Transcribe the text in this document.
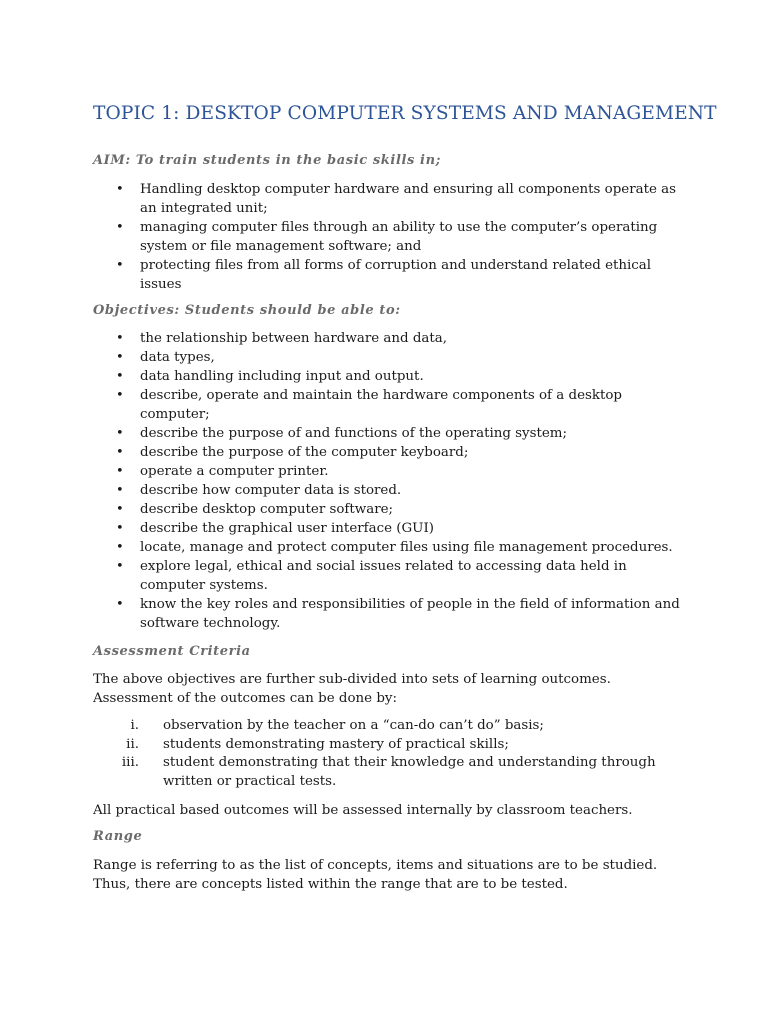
TOPIC 1: DESKTOP COMPUTER SYSTEMS AND MANAGEMENT
AIM: To train students in the basic skills in;
• Handling desktop computer hardware and ensuring all components operate as an integrated unit;
• managing computer files through an ability to use the computer’s operating system or file management software; and
• protecting files from all forms of corruption and understand related ethical issues
Objectives: Students should be able to:
• the relationship between hardware and data,
• data types,
• data handling including input and output.
• describe, operate and maintain the hardware components of a desktop computer;
• describe the purpose of and functions of the operating system;
• describe the purpose of the computer keyboard;
• operate a computer printer.
• describe how computer data is stored.
• describe desktop computer software;
• describe the graphical user interface (GUI)
• locate, manage and protect computer files using file management procedures.
• explore legal, ethical and social issues related to accessing data held in computer systems.
• know the key roles and responsibilities of people in the field of information and software technology.
Assessment Criteria

The above objectives are further sub-divided into sets of learning outcomes. Assessment of the outcomes can be done by:

i. observation by the teacher on a “can-do can’t do” basis;
ii. students demonstrating mastery of practical skills;
iii. student demonstrating that their knowledge and understanding through written or practical tests.

All practical based outcomes will be assessed internally by classroom teachers.

Range

Range is referring to as the list of concepts, items and situations are to be studied. Thus, there are concepts listed within the range that are to be tested.
